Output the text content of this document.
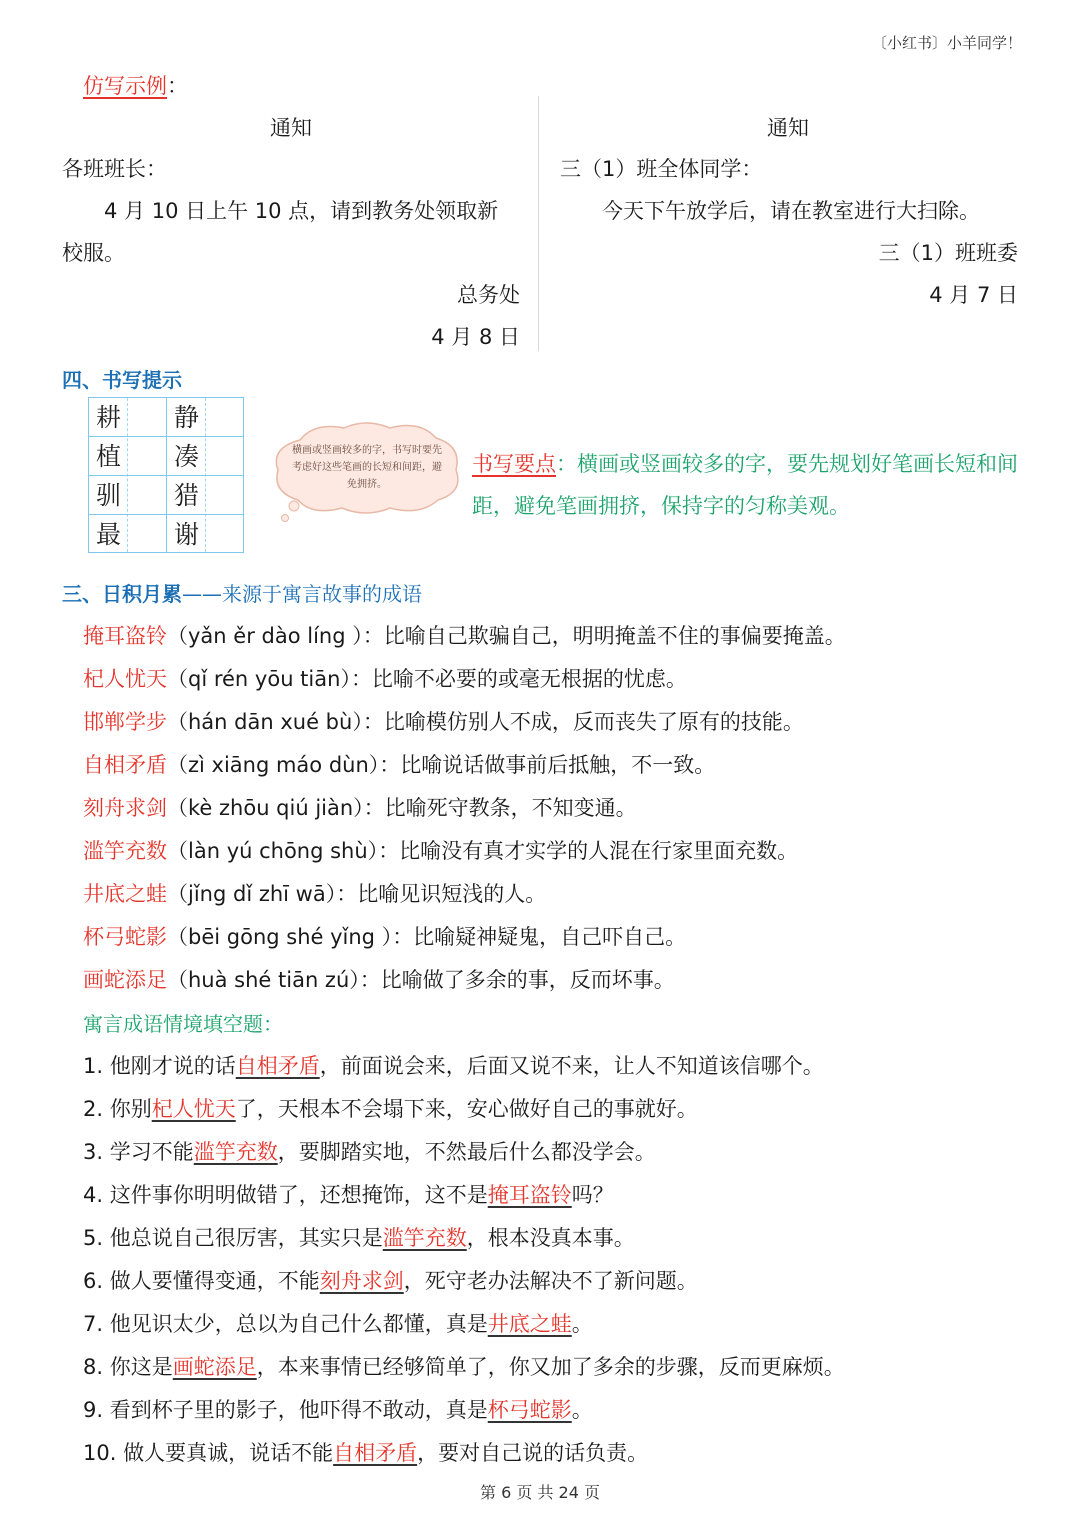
〔小红书〕小羊同学！
仿写示例：
通知
各班班长：
4 月 10 日上午 10 点，请到教务处领取新
校服。
总务处
4 月 8 日
通知
三（1）班全体同学：
今天下午放学后，请在教室进行大扫除。
三（1）班班委
4 月 7 日
四、书写提示
耕 静
植 凑
驯 猎
最 谢
横画或竖画较多的字，书写时要先考虑好这些笔画的长短和间距，避免拥挤。
书写要点：横画或竖画较多的字，要先规划好笔画长短和间
距，避免笔画拥挤，保持字的匀称美观。
三、日积月累——来源于寓言故事的成语
掩耳盗铃（yǎn ěr dào líng ）：比喻自己欺骗自己，明明掩盖不住的事偏要掩盖。
杞人忧天（qǐ rén yōu tiān）：比喻不必要的或毫无根据的忧虑。
邯郸学步（hán dān xué bù）：比喻模仿别人不成，反而丧失了原有的技能。
自相矛盾（zì xiāng máo dùn）：比喻说话做事前后抵触，不一致。
刻舟求剑（kè zhōu qiú jiàn）：比喻死守教条，不知变通。
滥竽充数（làn yú chōng shù）：比喻没有真才实学的人混在行家里面充数。
井底之蛙（jǐng dǐ zhī wā）：比喻见识短浅的人。
杯弓蛇影（bēi gōng shé yǐng ）：比喻疑神疑鬼，自己吓自己。
画蛇添足（huà shé tiān zú）：比喻做了多余的事，反而坏事。
寓言成语情境填空题：
1. 他刚才说的话自相矛盾，前面说会来，后面又说不来，让人不知道该信哪个。
2. 你别杞人忧天了，天根本不会塌下来，安心做好自己的事就好。
3. 学习不能滥竽充数，要脚踏实地，不然最后什么都没学会。
4. 这件事你明明做错了，还想掩饰，这不是掩耳盗铃吗？
5. 他总说自己很厉害，其实只是滥竽充数，根本没真本事。
6. 做人要懂得变通，不能刻舟求剑，死守老办法解决不了新问题。
7. 他见识太少，总以为自己什么都懂，真是井底之蛙。
8. 你这是画蛇添足，本来事情已经够简单了，你又加了多余的步骤，反而更麻烦。
9. 看到杯子里的影子，他吓得不敢动，真是杯弓蛇影。
10. 做人要真诚，说话不能自相矛盾，要对自己说的话负责。
第 6 页 共 24 页
